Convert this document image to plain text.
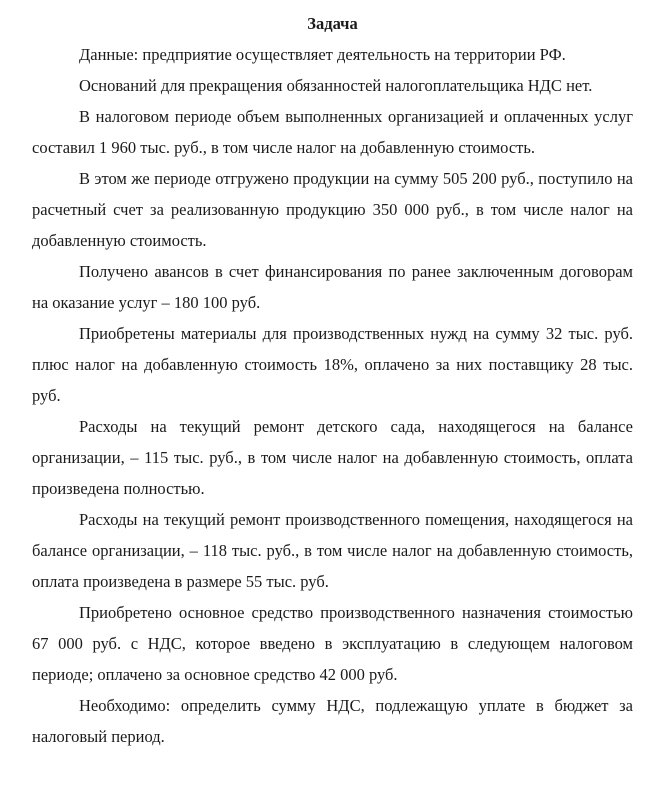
Задача

Данные: предприятие осуществляет деятельность на территории РФ.

Оснований для прекращения обязанностей налогоплательщика НДС нет.

В налоговом периоде объем выполненных организацией и оплаченных услуг составил 1 960 тыс. руб., в том числе налог на добавленную стоимость.

В этом же периоде отгружено продукции на сумму 505 200 руб., поступило на расчетный счет за реализованную продукцию 350 000 руб., в том числе налог на добавленную стоимость.

Получено авансов в счет финансирования по ранее заключенным договорам на оказание услуг – 180 100 руб.

Приобретены материалы для производственных нужд на сумму 32 тыс. руб. плюс налог на добавленную стоимость 18%, оплачено за них поставщику 28 тыс. руб.

Расходы на текущий ремонт детского сада, находящегося на балансе организации, – 115 тыс. руб., в том числе налог на добавленную стоимость, оплата произведена полностью.

Расходы на текущий ремонт производственного помещения, находящегося на балансе организации, – 118 тыс. руб., в том числе налог на добавленную стоимость, оплата произведена в размере 55 тыс. руб.

Приобретено основное средство производственного назначения стоимостью 67 000 руб. с НДС, которое введено в эксплуатацию в следующем налоговом периоде; оплачено за основное средство 42 000 руб.

Необходимо: определить сумму НДС, подлежащую уплате в бюджет за налоговый период.
